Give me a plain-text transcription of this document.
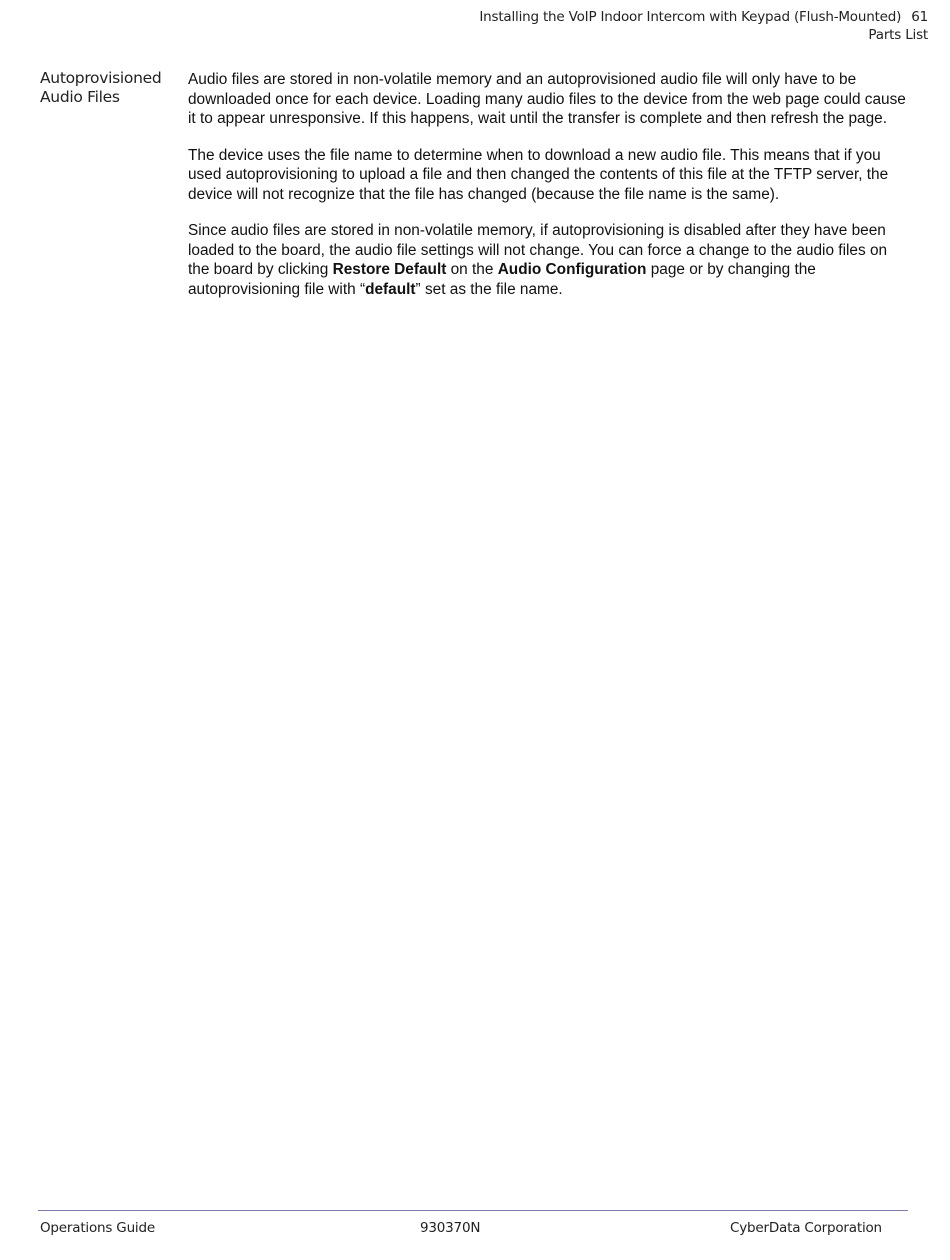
Installing the VoIP Indoor Intercom with Keypad (Flush-Mounted) 61
Parts List
Autoprovisioned
Audio Files

Audio files are stored in non-volatile memory and an autoprovisioned audio file will only have to be downloaded once for each device. Loading many audio files to the device from the web page could cause it to appear unresponsive. If this happens, wait until the transfer is complete and then refresh the page.

The device uses the file name to determine when to download a new audio file. This means that if you used autoprovisioning to upload a file and then changed the contents of this file at the TFTP server, the device will not recognize that the file has changed (because the file name is the same).

Since audio files are stored in non-volatile memory, if autoprovisioning is disabled after they have been loaded to the board, the audio file settings will not change. You can force a change to the audio files on the board by clicking Restore Default on the Audio Configuration page or by changing the autoprovisioning file with “default” set as the file name.

Operations Guide	930370N	CyberData Corporation
